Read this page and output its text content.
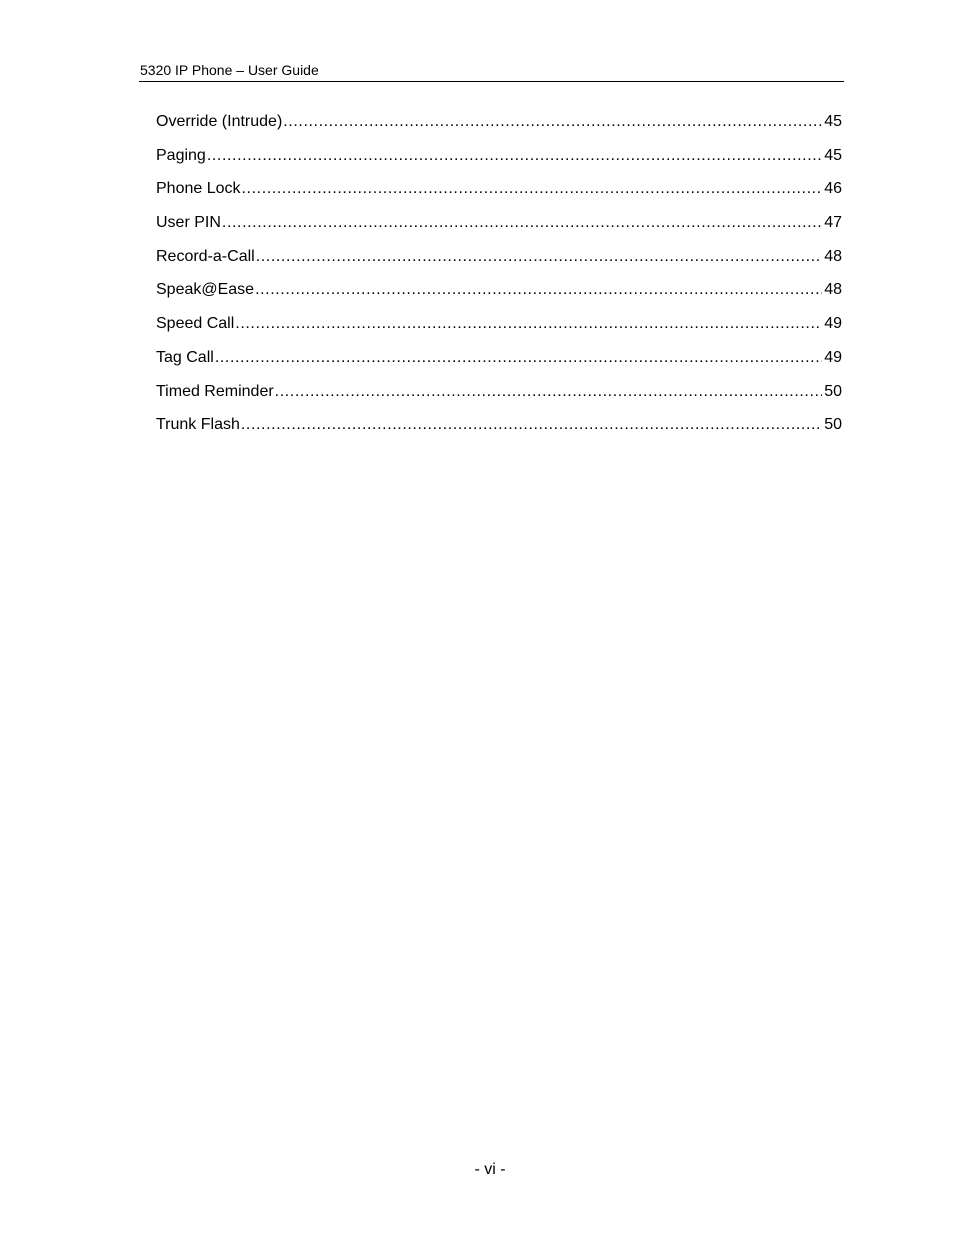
5320 IP Phone – User Guide
Override (Intrude) .....	45
Paging .....	45
Phone Lock .....	46
User PIN .....	47
Record-a-Call .....	48
Speak@Ease .....	48
Speed Call .....	49
Tag Call .....	49
Timed Reminder .....	50
Trunk Flash .....	50
- vi -
